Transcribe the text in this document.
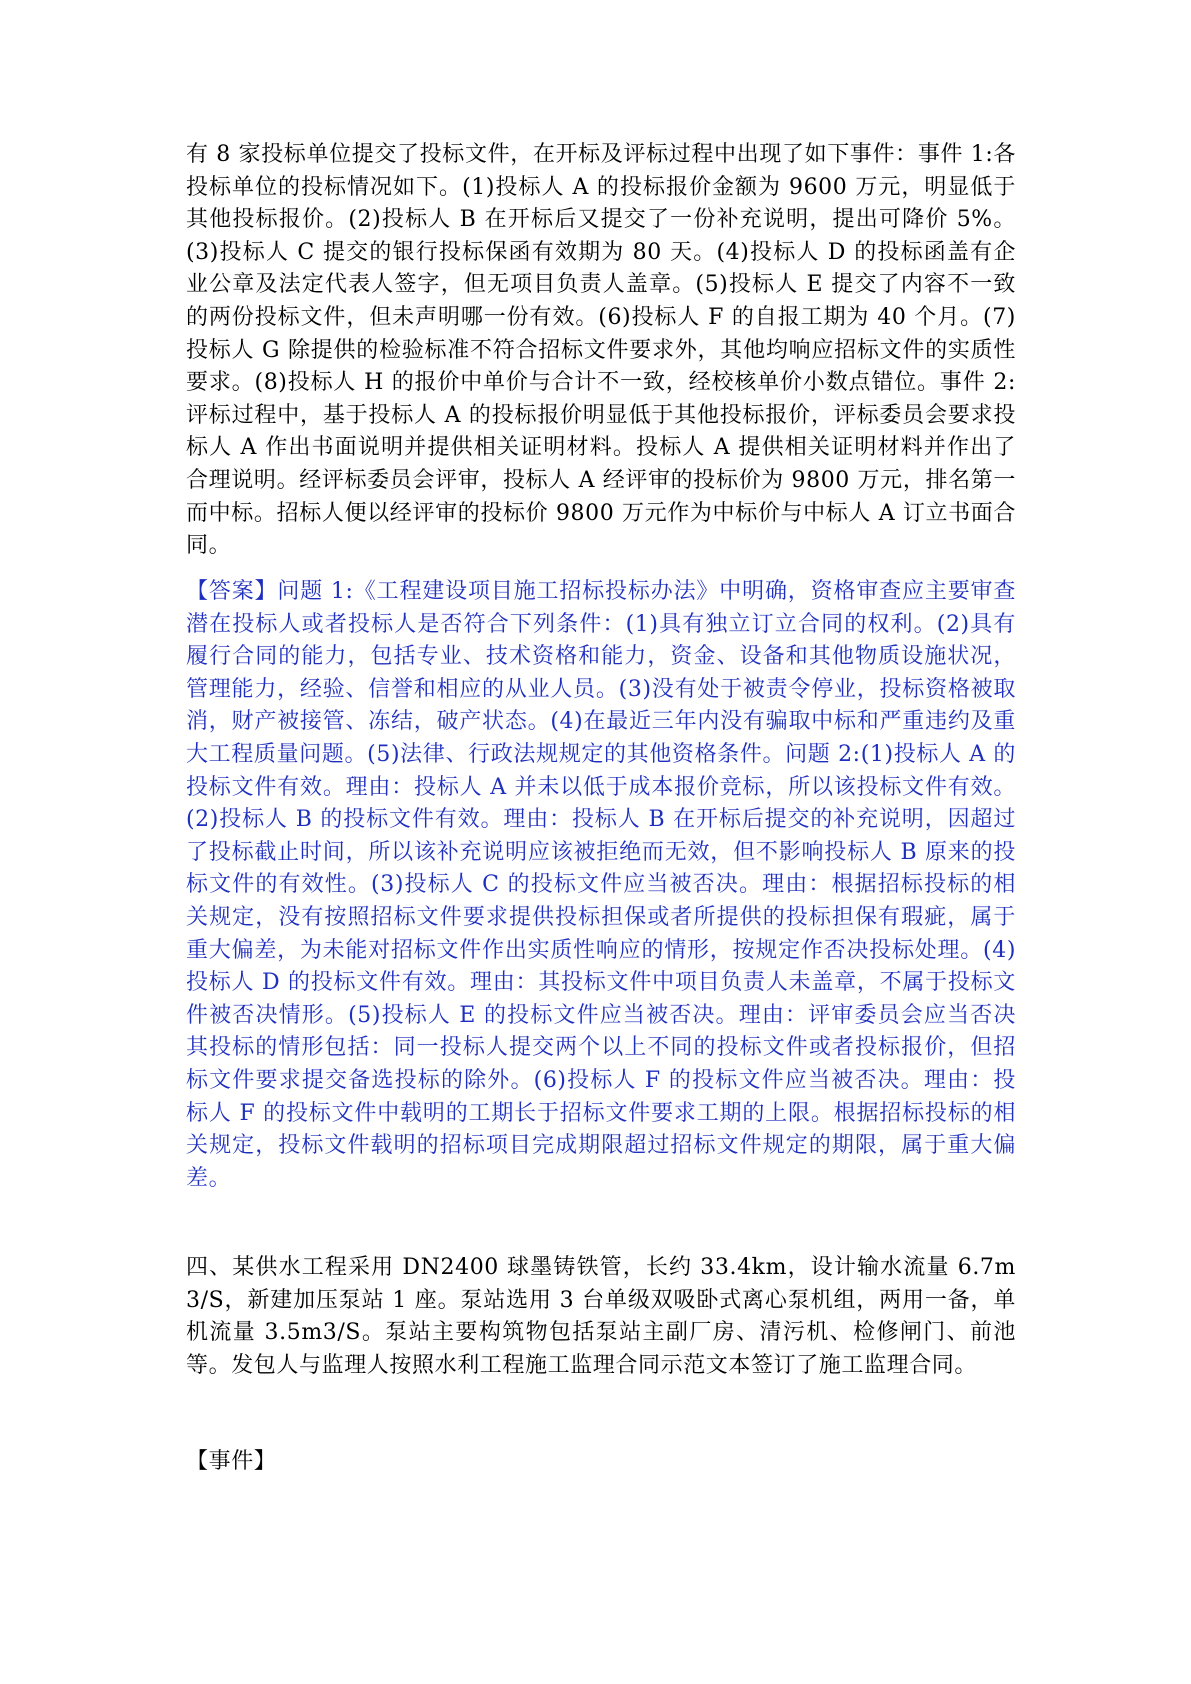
有 8 家投标单位提交了投标文件，在开标及评标过程中出现了如下事件：事件 1:各投标单位的投标情况如下。(1)投标人 A 的投标报价金额为 9600 万元，明显低于其他投标报价。(2)投标人 B 在开标后又提交了一份补充说明，提出可降价 5%。(3)投标人 C 提交的银行投标保函有效期为 80 天。(4)投标人 D 的投标函盖有企业公章及法定代表人签字，但无项目负责人盖章。(5)投标人 E 提交了内容不一致的两份投标文件，但未声明哪一份有效。(6)投标人 F 的自报工期为 40 个月。(7)投标人 G 除提供的检验标准不符合招标文件要求外，其他均响应招标文件的实质性要求。(8)投标人 H 的报价中单价与合计不一致，经校核单价小数点错位。事件 2:评标过程中，基于投标人 A 的投标报价明显低于其他投标报价，评标委员会要求投标人 A 作出书面说明并提供相关证明材料。投标人 A 提供相关证明材料并作出了合理说明。经评标委员会评审，投标人 A 经评审的投标价为 9800 万元，排名第一而中标。招标人便以经评审的投标价 9800 万元作为中标价与中标人 A 订立书面合同。
【答案】问题 1:《工程建设项目施工招标投标办法》中明确，资格审查应主要审查潜在投标人或者投标人是否符合下列条件：(1)具有独立订立合同的权利。(2)具有履行合同的能力，包括专业、技术资格和能力，资金、设备和其他物质设施状况，管理能力，经验、信誉和相应的从业人员。(3)没有处于被责令停业，投标资格被取消，财产被接管、冻结，破产状态。(4)在最近三年内没有骗取中标和严重违约及重大工程质量问题。(5)法律、行政法规规定的其他资格条件。问题 2:(1)投标人 A 的投标文件有效。理由：投标人 A 并未以低于成本报价竞标，所以该投标文件有效。(2)投标人 B 的投标文件有效。理由：投标人 B 在开标后提交的补充说明，因超过了投标截止时间，所以该补充说明应该被拒绝而无效，但不影响投标人 B 原来的投标文件的有效性。(3)投标人 C 的投标文件应当被否决。理由：根据招标投标的相关规定，没有按照招标文件要求提供投标担保或者所提供的投标担保有瑕疵，属于重大偏差，为未能对招标文件作出实质性响应的情形，按规定作否决投标处理。(4)投标人 D 的投标文件有效。理由：其投标文件中项目负责人未盖章，不属于投标文件被否决情形。(5)投标人 E 的投标文件应当被否决。理由：评审委员会应当否决其投标的情形包括：同一投标人提交两个以上不同的投标文件或者投标报价，但招标文件要求提交备选投标的除外。(6)投标人 F 的投标文件应当被否决。理由：投标人 F 的投标文件中载明的工期长于招标文件要求工期的上限。根据招标投标的相关规定，投标文件载明的招标项目完成期限超过招标文件规定的期限，属于重大偏差。
四、某供水工程采用 DN2400 球墨铸铁管，长约 33.4km，设计输水流量 6.7m3/S，新建加压泵站 1 座。泵站选用 3 台单级双吸卧式离心泵机组，两用一备，单机流量 3.5m3/S。泵站主要构筑物包括泵站主副厂房、清污机、检修闸门、前池等。发包人与监理人按照水利工程施工监理合同示范文本签订了施工监理合同。
【事件】
